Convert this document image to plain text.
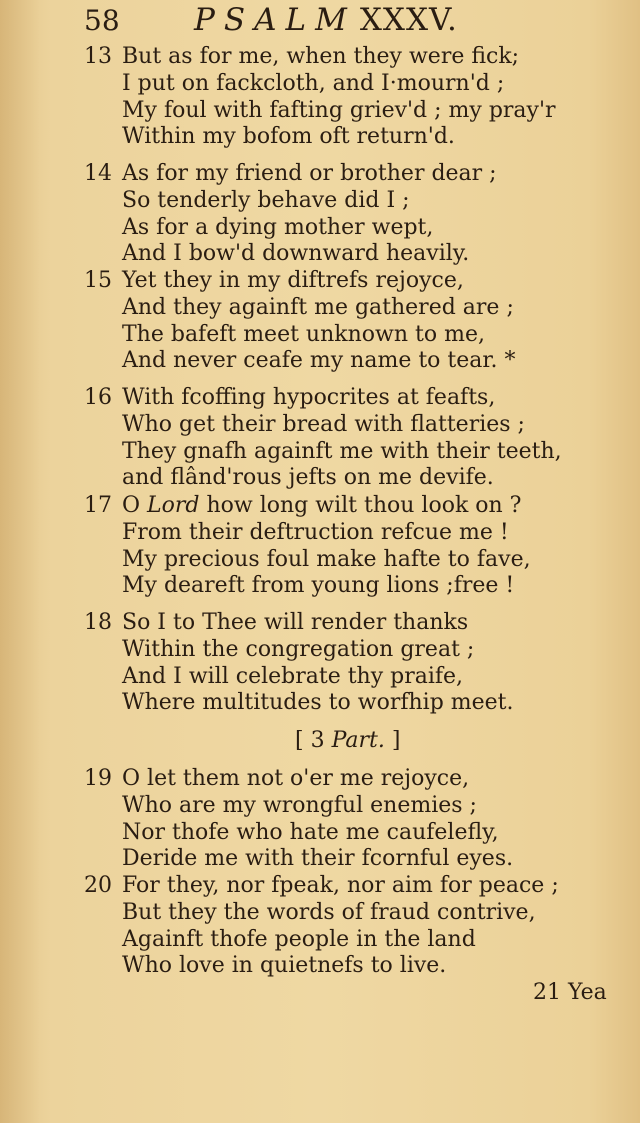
58 PSALM XXXV.
13 But as for me, when they were fick;
I put on fackcloth, and I·mourn'd ;
My foul with fafting griev'd ; my pray'r
Within my bofom oft return'd.
14 As for my friend or brother dear ;
So tenderly behave did I ;
As for a dying mother wept,
And I bow'd downward heavily.
15 Yet they in my diftrefs rejoyce,
And they againft me gathered are ;
The bafeft meet unknown to me,
And never ceafe my name to tear. *
16 With fcoffing hypocrites at feafts,
Who get their bread with flatteries ;
They gnafh againft me with their teeth,
and flând'rous jefts on me devife.
17 O Lord how long wilt thou look on ?
From their deftruction refcue me !
My precious foul make hafte to fave,
My deareft from young lions ;free !
18 So I to Thee will render thanks
Within the congregation great ;
And I will celebrate thy praife,
Where multitudes to worfhip meet.
[ 3 Part. ]
19 O let them not o'er me rejoyce,
Who are my wrongful enemies ;
Nor thofe who hate me caufelefly,
Deride me with their fcornful eyes.
20 For they, nor fpeak, nor aim for peace ;
But they the words of fraud contrive,
Againft thofe people in the land
Who love in quietnefs to live.
21 Yea
